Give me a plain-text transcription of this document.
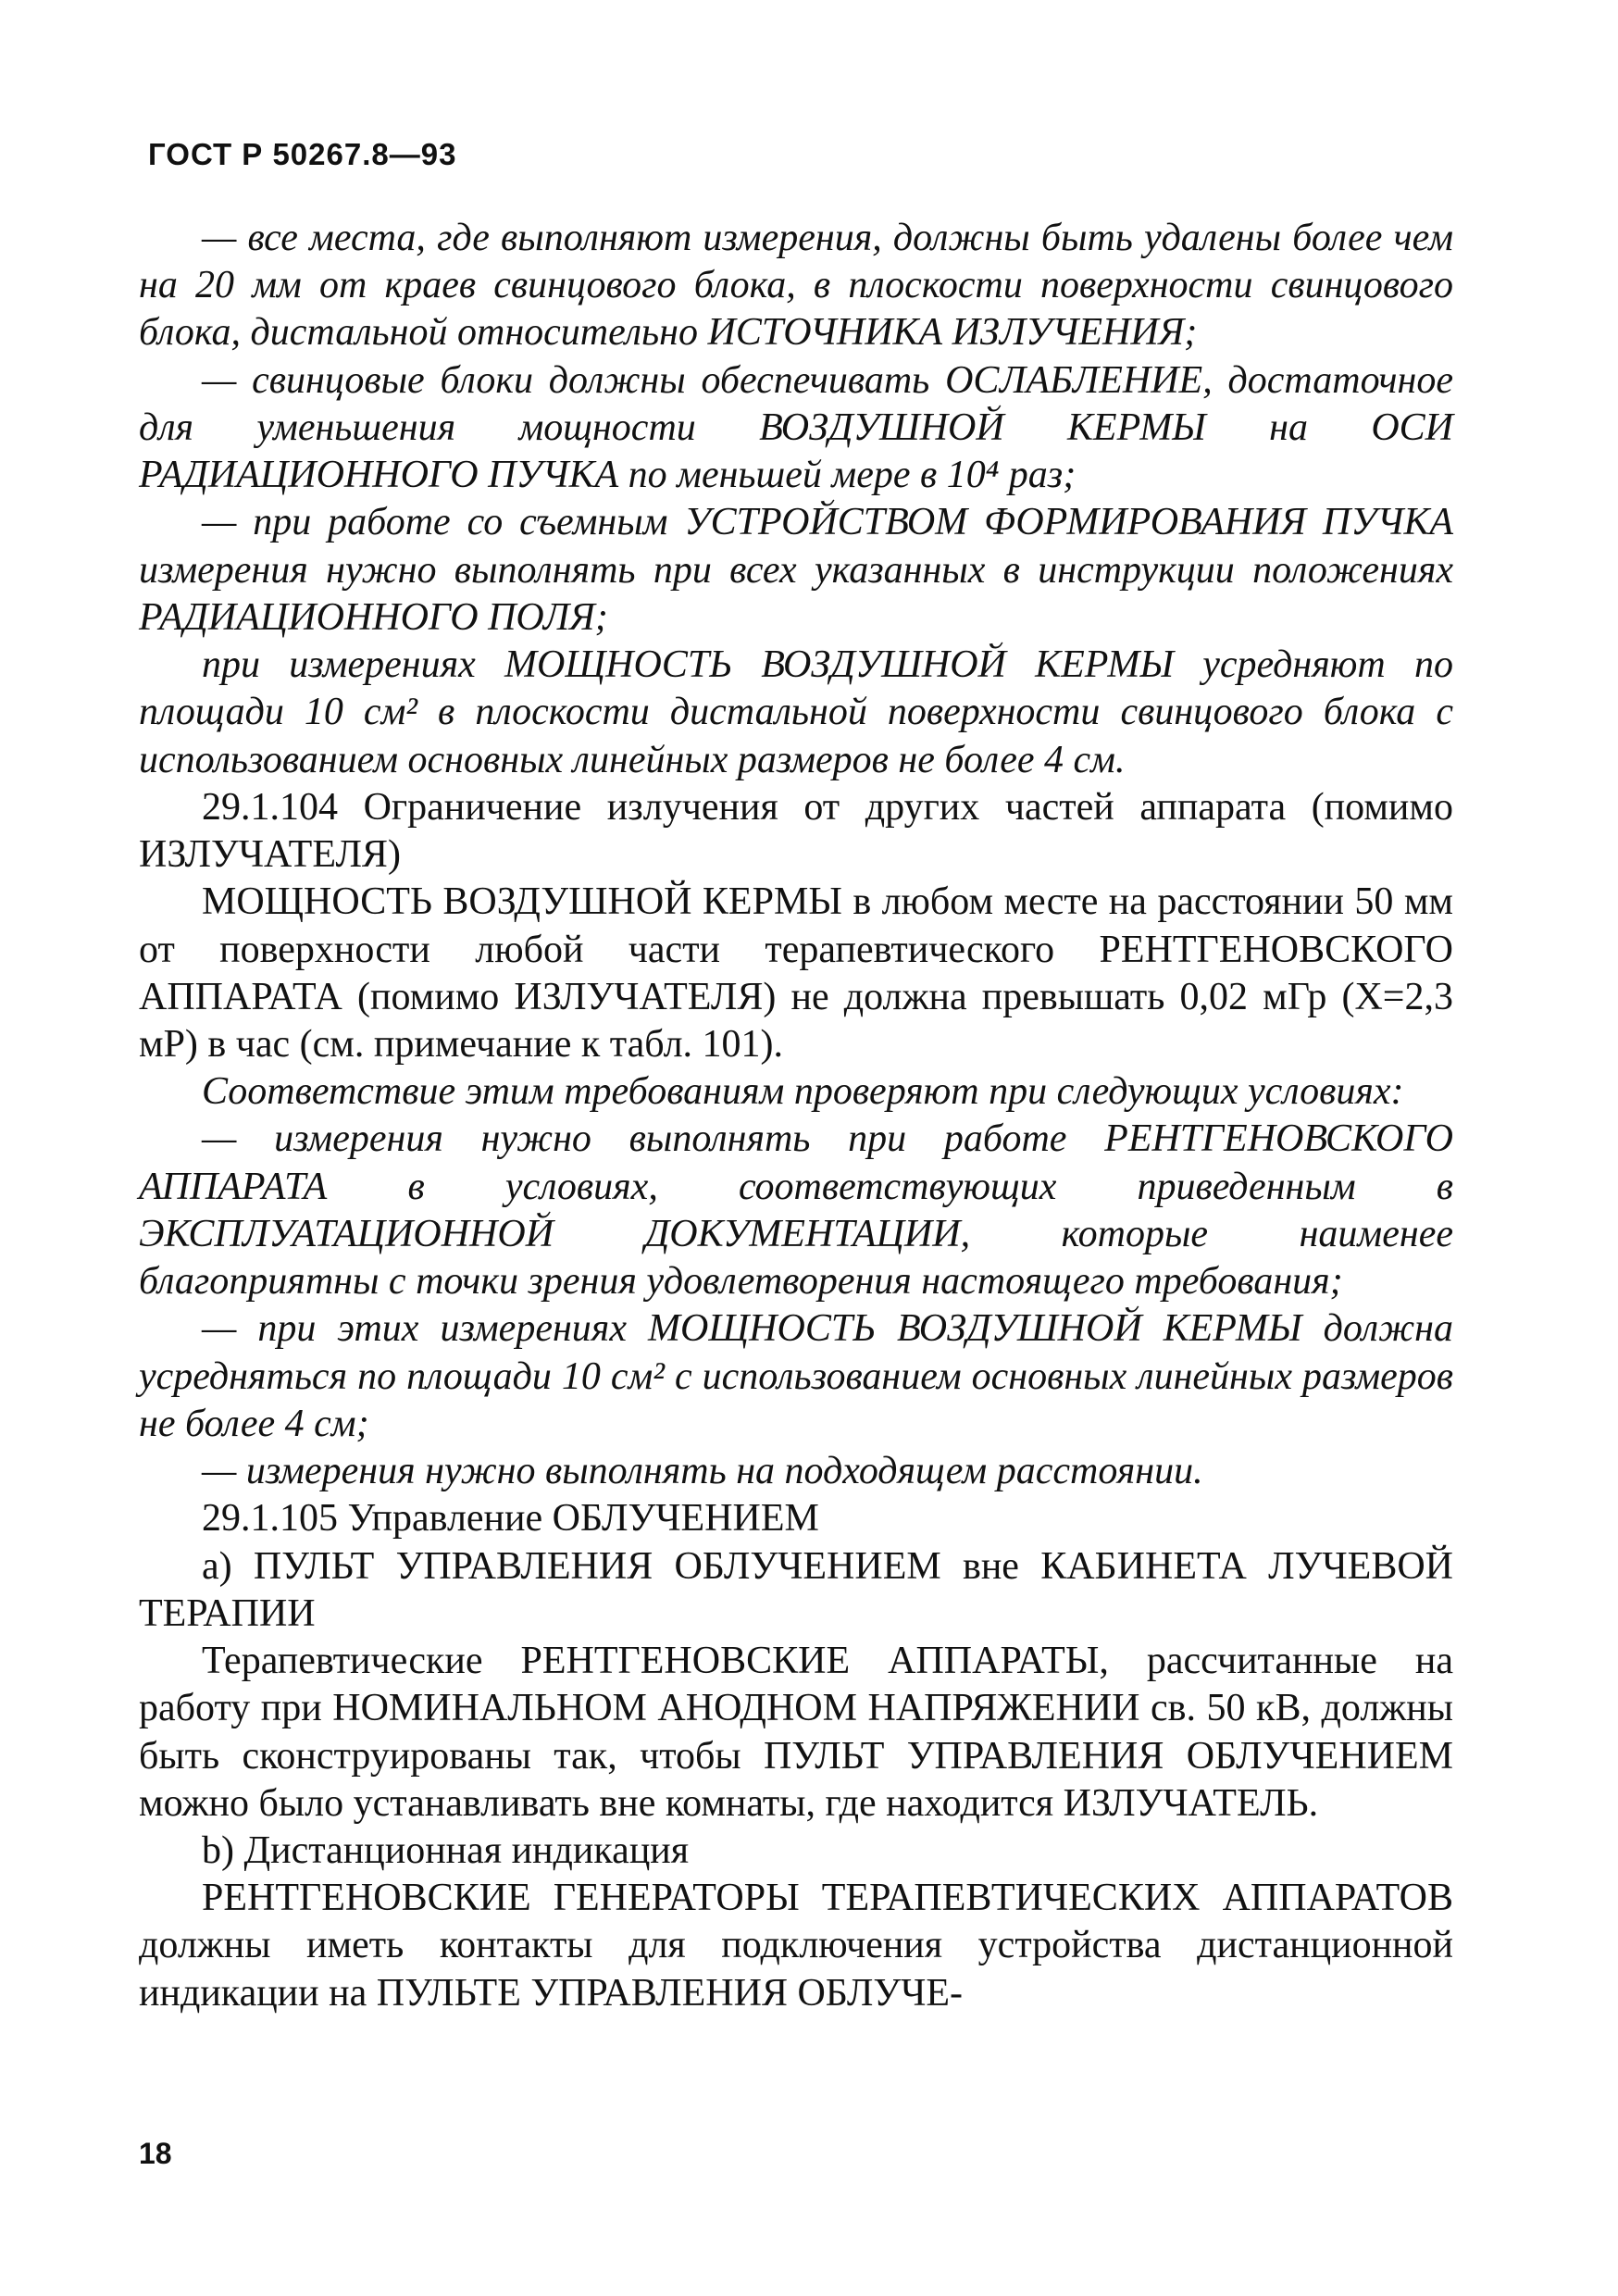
ГОСТ Р 50267.8—93

— все места, где выполняют измерения, должны быть удалены более чем на 20 мм от краев свинцового блока, в плоскости поверхности свинцового блока, дистальной относительно ИСТОЧНИКА ИЗЛУЧЕНИЯ;

— свинцовые блоки должны обеспечивать ОСЛАБЛЕНИЕ, достаточное для уменьшения мощности ВОЗДУШНОЙ КЕРМЫ на ОСИ РАДИАЦИОННОГО ПУЧКА по меньшей мере в 10⁴ раз;

— при работе со съемным УСТРОЙСТВОМ ФОРМИРОВАНИЯ ПУЧКА измерения нужно выполнять при всех указанных в инструкции положениях РАДИАЦИОННОГО ПОЛЯ;

при измерениях МОЩНОСТЬ ВОЗДУШНОЙ КЕРМЫ усредняют по площади 10 см² в плоскости дистальной поверхности свинцового блока с использованием основных линейных размеров не более 4 см.

29.1.104 Ограничение излучения от других частей аппарата (помимо ИЗЛУЧАТЕЛЯ)

МОЩНОСТЬ ВОЗДУШНОЙ КЕРМЫ в любом месте на расстоянии 50 мм от поверхности любой части терапевтического РЕНТГЕНОВСКОГО АППАРАТА (помимо ИЗЛУЧАТЕЛЯ) не должна превышать 0,02 мГр (Х=2,3 мР) в час (см. примечание к табл. 101).

Соответствие этим требованиям проверяют при следующих условиях:

— измерения нужно выполнять при работе РЕНТГЕНОВСКОГО АППАРАТА в условиях, соответствующих приведенным в ЭКСПЛУАТАЦИОННОЙ ДОКУМЕНТАЦИИ, которые наименее благоприятны с точки зрения удовлетворения настоящего требования;

— при этих измерениях МОЩНОСТЬ ВОЗДУШНОЙ КЕРМЫ должна усредняться по площади 10 см² с использованием основных линейных размеров не более 4 см;

— измерения нужно выполнять на подходящем расстоянии.

29.1.105 Управление ОБЛУЧЕНИЕМ

а) ПУЛЬТ УПРАВЛЕНИЯ ОБЛУЧЕНИЕМ вне КАБИНЕТА ЛУЧЕВОЙ ТЕРАПИИ

Терапевтические РЕНТГЕНОВСКИЕ АППАРАТЫ, рассчитанные на работу при НОМИНАЛЬНОМ АНОДНОМ НАПРЯЖЕНИИ св. 50 кВ, должны быть сконструированы так, чтобы ПУЛЬТ УПРАВЛЕНИЯ ОБЛУЧЕНИЕМ можно было устанавливать вне комнаты, где находится ИЗЛУЧАТЕЛЬ.

b) Дистанционная индикация

РЕНТГЕНОВСКИЕ ГЕНЕРАТОРЫ ТЕРАПЕВТИЧЕСКИХ АППАРАТОВ должны иметь контакты для подключения устройства дистанционной индикации на ПУЛЬТЕ УПРАВЛЕНИЯ ОБЛУЧЕ-

18
